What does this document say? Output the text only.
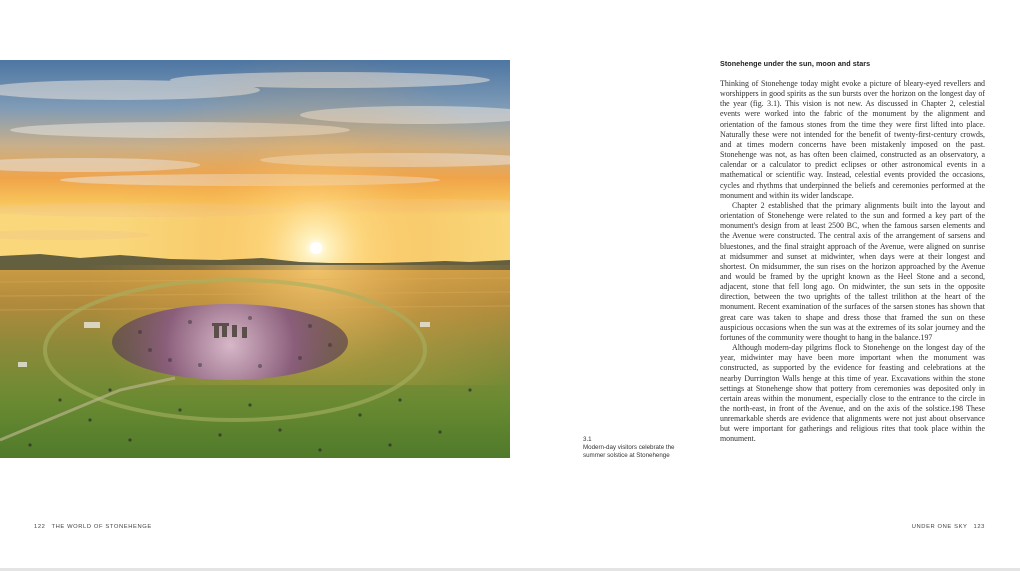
3.1
Modern-day visitors celebrate the summer solstice at Stonehenge
122 THE WORLD OF STONEHENGE
Stonehenge under the sun, moon and stars

Thinking of Stonehenge today might evoke a picture of bleary-eyed revellers and worshippers in good spirits as the sun bursts over the horizon on the longest day of the year (fig. 3.1). This vision is not new. As discussed in Chapter 2, celestial events were worked into the fabric of the monument by the alignment and orientation of the famous stones from the time they were first lifted into place. Naturally these were not intended for the benefit of twenty-first-century crowds, and at times modern concerns have been mistakenly imposed on the past. Stonehenge was not, as has often been claimed, constructed as an observatory, a calendar or a calculator to predict eclipses or other astronomical events in a mathematical or scientific way. Instead, celestial events provided the occasions, cycles and rhythms that underpinned the beliefs and ceremonies performed at the monument and within its wider landscape.

Chapter 2 established that the primary alignments built into the layout and orientation of Stonehenge were related to the sun and formed a key part of the monument's design from at least 2500 BC, when the famous sarsen elements and the Avenue were constructed. The central axis of the arrangement of sarsens and bluestones, and the final straight approach of the Avenue, were aligned on sunrise at midsummer and sunset at midwinter, when days were at their longest and shortest. On midsummer, the sun rises on the horizon approached by the Avenue and would be framed by the upright known as the Heel Stone and a second, adjacent, stone that fell long ago. On midwinter, the sun sets in the opposite direction, between the two uprights of the tallest trilithon at the heart of the monument. Recent examination of the surfaces of the sarsen stones has shown that great care was taken to shape and dress those that framed the sun on these auspicious occasions when the sun was at the extremes of its solar journey and the fortunes of the community were thought to hang in the balance.197

Although modern-day pilgrims flock to Stonehenge on the longest day of the year, midwinter may have been more important when the monument was constructed, as supported by the evidence for feasting and celebrations at the nearby Durrington Walls henge at this time of year. Excavations within the stone settings at Stonehenge show that pottery from ceremonies was deposited only in certain areas within the monument, especially close to the entrance to the circle in the north-east, in front of the Avenue, and on the axis of the solstice.198 These unremarkable sherds are evidence that alignments were not just about observance but were important for gatherings and religious rites that took place within the monument.

UNDER ONE SKY 123
